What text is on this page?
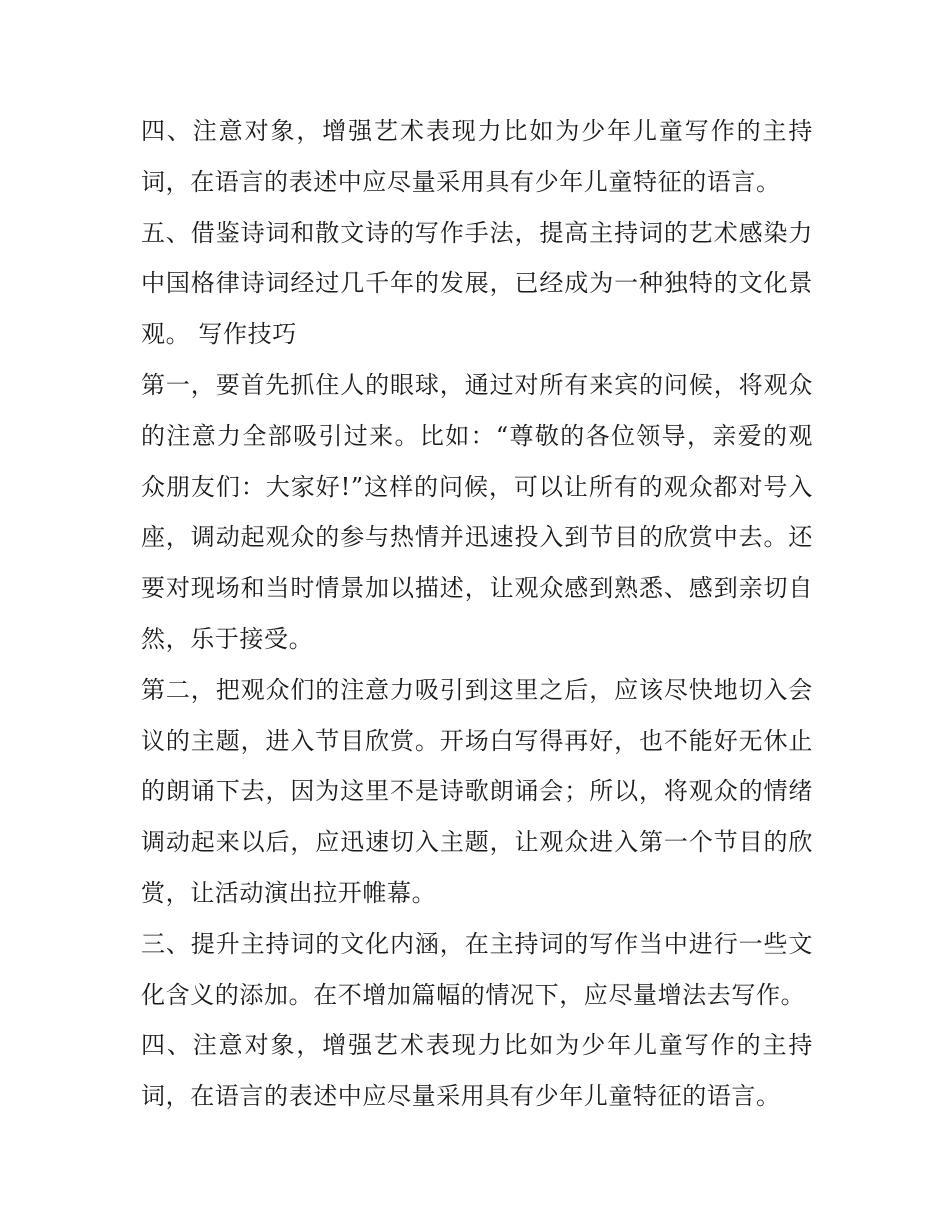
四、注意对象，增强艺术表现力比如为少年儿童写作的主持词，在语言的表述中应尽量采用具有少年儿童特征的语言。

五、借鉴诗词和散文诗的写作手法，提高主持词的艺术感染力中国格律诗词经过几千年的发展，已经成为一种独特的文化景观。 写作技巧

第一，要首先抓住人的眼球，通过对所有来宾的问候，将观众的注意力全部吸引过来。比如：“尊敬的各位领导，亲爱的观众朋友们：大家好!”这样的问候，可以让所有的观众都对号入座，调动起观众的参与热情并迅速投入到节目的欣赏中去。还要对现场和当时情景加以描述，让观众感到熟悉、感到亲切自然，乐于接受。

第二，把观众们的注意力吸引到这里之后，应该尽快地切入会议的主题，进入节目欣赏。开场白写得再好，也不能好无休止的朗诵下去，因为这里不是诗歌朗诵会；所以，将观众的情绪调动起来以后，应迅速切入主题，让观众进入第一个节目的欣赏，让活动演出拉开帷幕。

三、提升主持词的文化内涵，在主持词的写作当中进行一些文化含义的添加。在不增加篇幅的情况下，应尽量增法去写作。

四、注意对象，增强艺术表现力比如为少年儿童写作的主持词，在语言的表述中应尽量采用具有少年儿童特征的语言。
